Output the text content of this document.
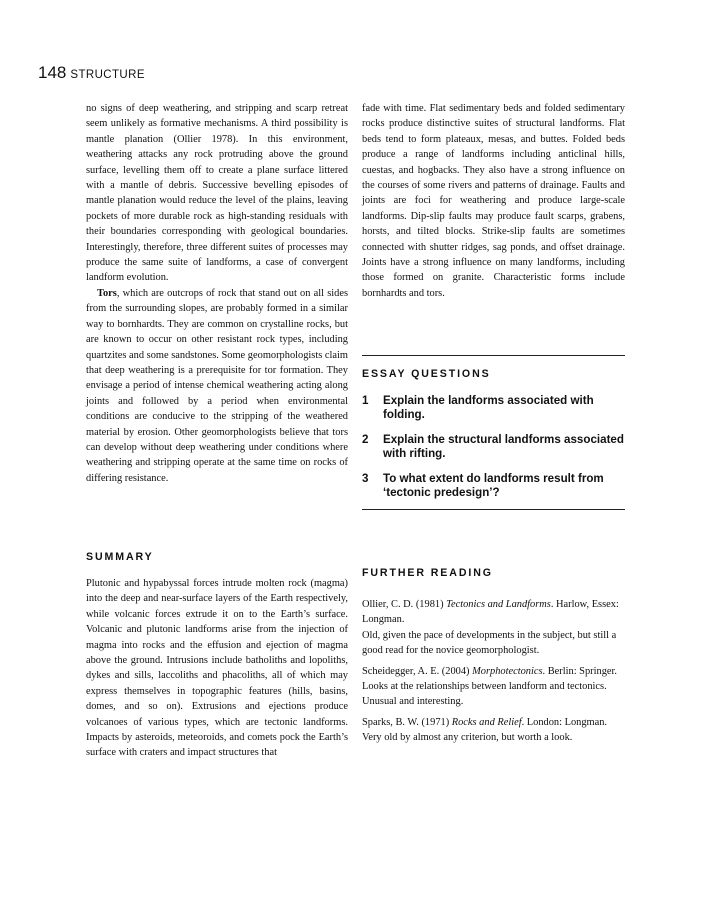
148 STRUCTURE

no signs of deep weathering, and stripping and scarp retreat seem unlikely as formative mechanisms. A third possibility is mantle planation (Ollier 1978). In this environment, weathering attacks any rock protruding above the ground surface, levelling them off to create a plane surface littered with a mantle of debris. Successive bevelling episodes of mantle planation would reduce the level of the plains, leaving pockets of more durable rock as high-standing residuals with their boundaries corresponding with geological boundaries. Interestingly, therefore, three different suites of processes may produce the same suite of landforms, a case of convergent landform evolution.

Tors, which are outcrops of rock that stand out on all sides from the surrounding slopes, are probably formed in a similar way to bornhardts. They are common on crystalline rocks, but are known to occur on other resistant rock types, including quartzites and some sandstones. Some geomorphologists claim that deep weathering is a prerequisite for tor formation. They envisage a period of intense chemical weathering acting along joints and followed by a period when environmental conditions are conducive to the stripping of the weathered material by erosion. Other geomorphologists believe that tors can develop without deep weathering under conditions where weathering and stripping operate at the same time on rocks of differing resistance.

fade with time. Flat sedimentary beds and folded sedimentary rocks produce distinctive suites of structural landforms. Flat beds tend to form plateaux, mesas, and buttes. Folded beds produce a range of landforms including anticlinal hills, cuestas, and hogbacks. They also have a strong influence on the courses of some rivers and patterns of drainage. Faults and joints are foci for weathering and produce large-scale landforms. Dip-slip faults may produce fault scarps, grabens, horsts, and tilted blocks. Strike-slip faults are sometimes connected with shutter ridges, sag ponds, and offset drainage. Joints have a strong influence on many landforms, including those formed on granite. Characteristic forms include bornhardts and tors.

ESSAY QUESTIONS
1	Explain the landforms associated with folding.
2	Explain the structural landforms associated with rifting.
3	To what extent do landforms result from ‘tectonic predesign’?
SUMMARY

Plutonic and hypabyssal forces intrude molten rock (magma) into the deep and near-surface layers of the Earth respectively, while volcanic forces extrude it on to the Earth’s surface. Volcanic and plutonic landforms arise from the injection of magma into rocks and the effusion and ejection of magma above the ground. Intrusions include batholiths and lopoliths, dykes and sills, laccoliths and phacoliths, all of which may express themselves in topographic features (hills, basins, domes, and so on). Extrusions and ejections produce volcanoes of various types, which are tectonic landforms. Impacts by asteroids, meteoroids, and comets pock the Earth’s surface with craters and impact structures that

FURTHER READING

Ollier, C. D. (1981) Tectonics and Landforms. Harlow, Essex: Longman.

Old, given the pace of developments in the subject, but still a good read for the novice geomorphologist.

Scheidegger, A. E. (2004) Morphotectonics. Berlin: Springer.

Looks at the relationships between landform and tectonics. Unusual and interesting.

Sparks, B. W. (1971) Rocks and Relief. London: Longman.

Very old by almost any criterion, but worth a look.
